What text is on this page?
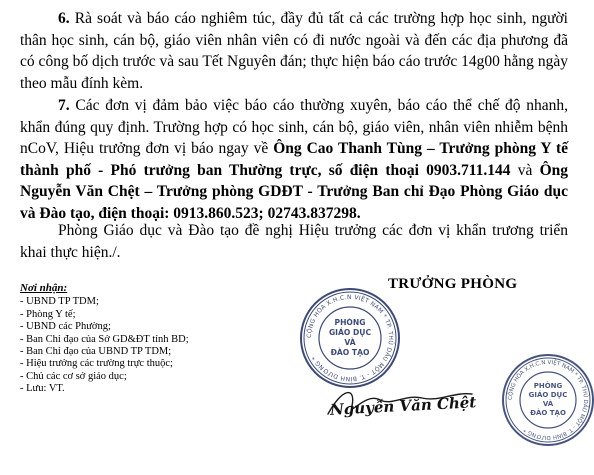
6. Rà soát và báo cáo nghiêm túc, đầy đủ tất cả các trường hợp học sinh, người thân học sinh, cán bộ, giáo viên nhân viên có đi nước ngoài và đến các địa phương đã có công bố dịch trước và sau Tết Nguyên đán; thực hiện báo cáo trước 14g00 hằng ngày theo mẫu đính kèm.
7. Các đơn vị đảm bảo việc báo cáo thường xuyên, báo cáo thể chế độ nhanh, khẩn đúng quy định. Trường hợp có học sinh, cán bộ, giáo viên, nhân viên nhiễm bệnh nCoV, Hiệu trưởng đơn vị báo ngay về Ông Cao Thanh Tùng – Trưởng phòng Y tế thành phố - Phó trưởng ban Thường trực, số điện thoại 0903.711.144 và Ông Nguyễn Văn Chệt – Trưởng phòng GDĐT - Trưởng Ban chỉ Đạo Phòng Giáo dục và Đào tạo, điện thoại: 0913.860.523; 02743.837298.
Phòng Giáo dục và Đào tạo đề nghị Hiệu trưởng các đơn vị khẩn trương triển khai thực hiện./.
Nơi nhận:
- UBND TP TDM;
- Phòng Y tế;
- UBND các Phường;
- Ban Chỉ đạo của Sở GD&ĐT tỉnh BD;
- Ban Chỉ đạo của UBND TP TDM;
- Hiệu trưởng các trường trực thuộc;
- Chủ các cơ sở giáo dục;
- Lưu: VT.
TRƯỞNG PHÒNG
CỘNG HÒA X.H.C.N VIỆT NAM * TP. THỦ DẦU MỘT - T. BÌNH DƯƠNG *
PHÒNG
GIÁO DỤC
VÀ
ĐÀO TẠO
CỘNG HÒA X.H.C.N VIỆT NAM * TP. THỦ DẦU MỘT - T. BÌNH DƯƠNG *
PHÒNG
GIÁO DỤC
VÀ
ĐÀO TẠO
Nguyễn Văn Chệt
